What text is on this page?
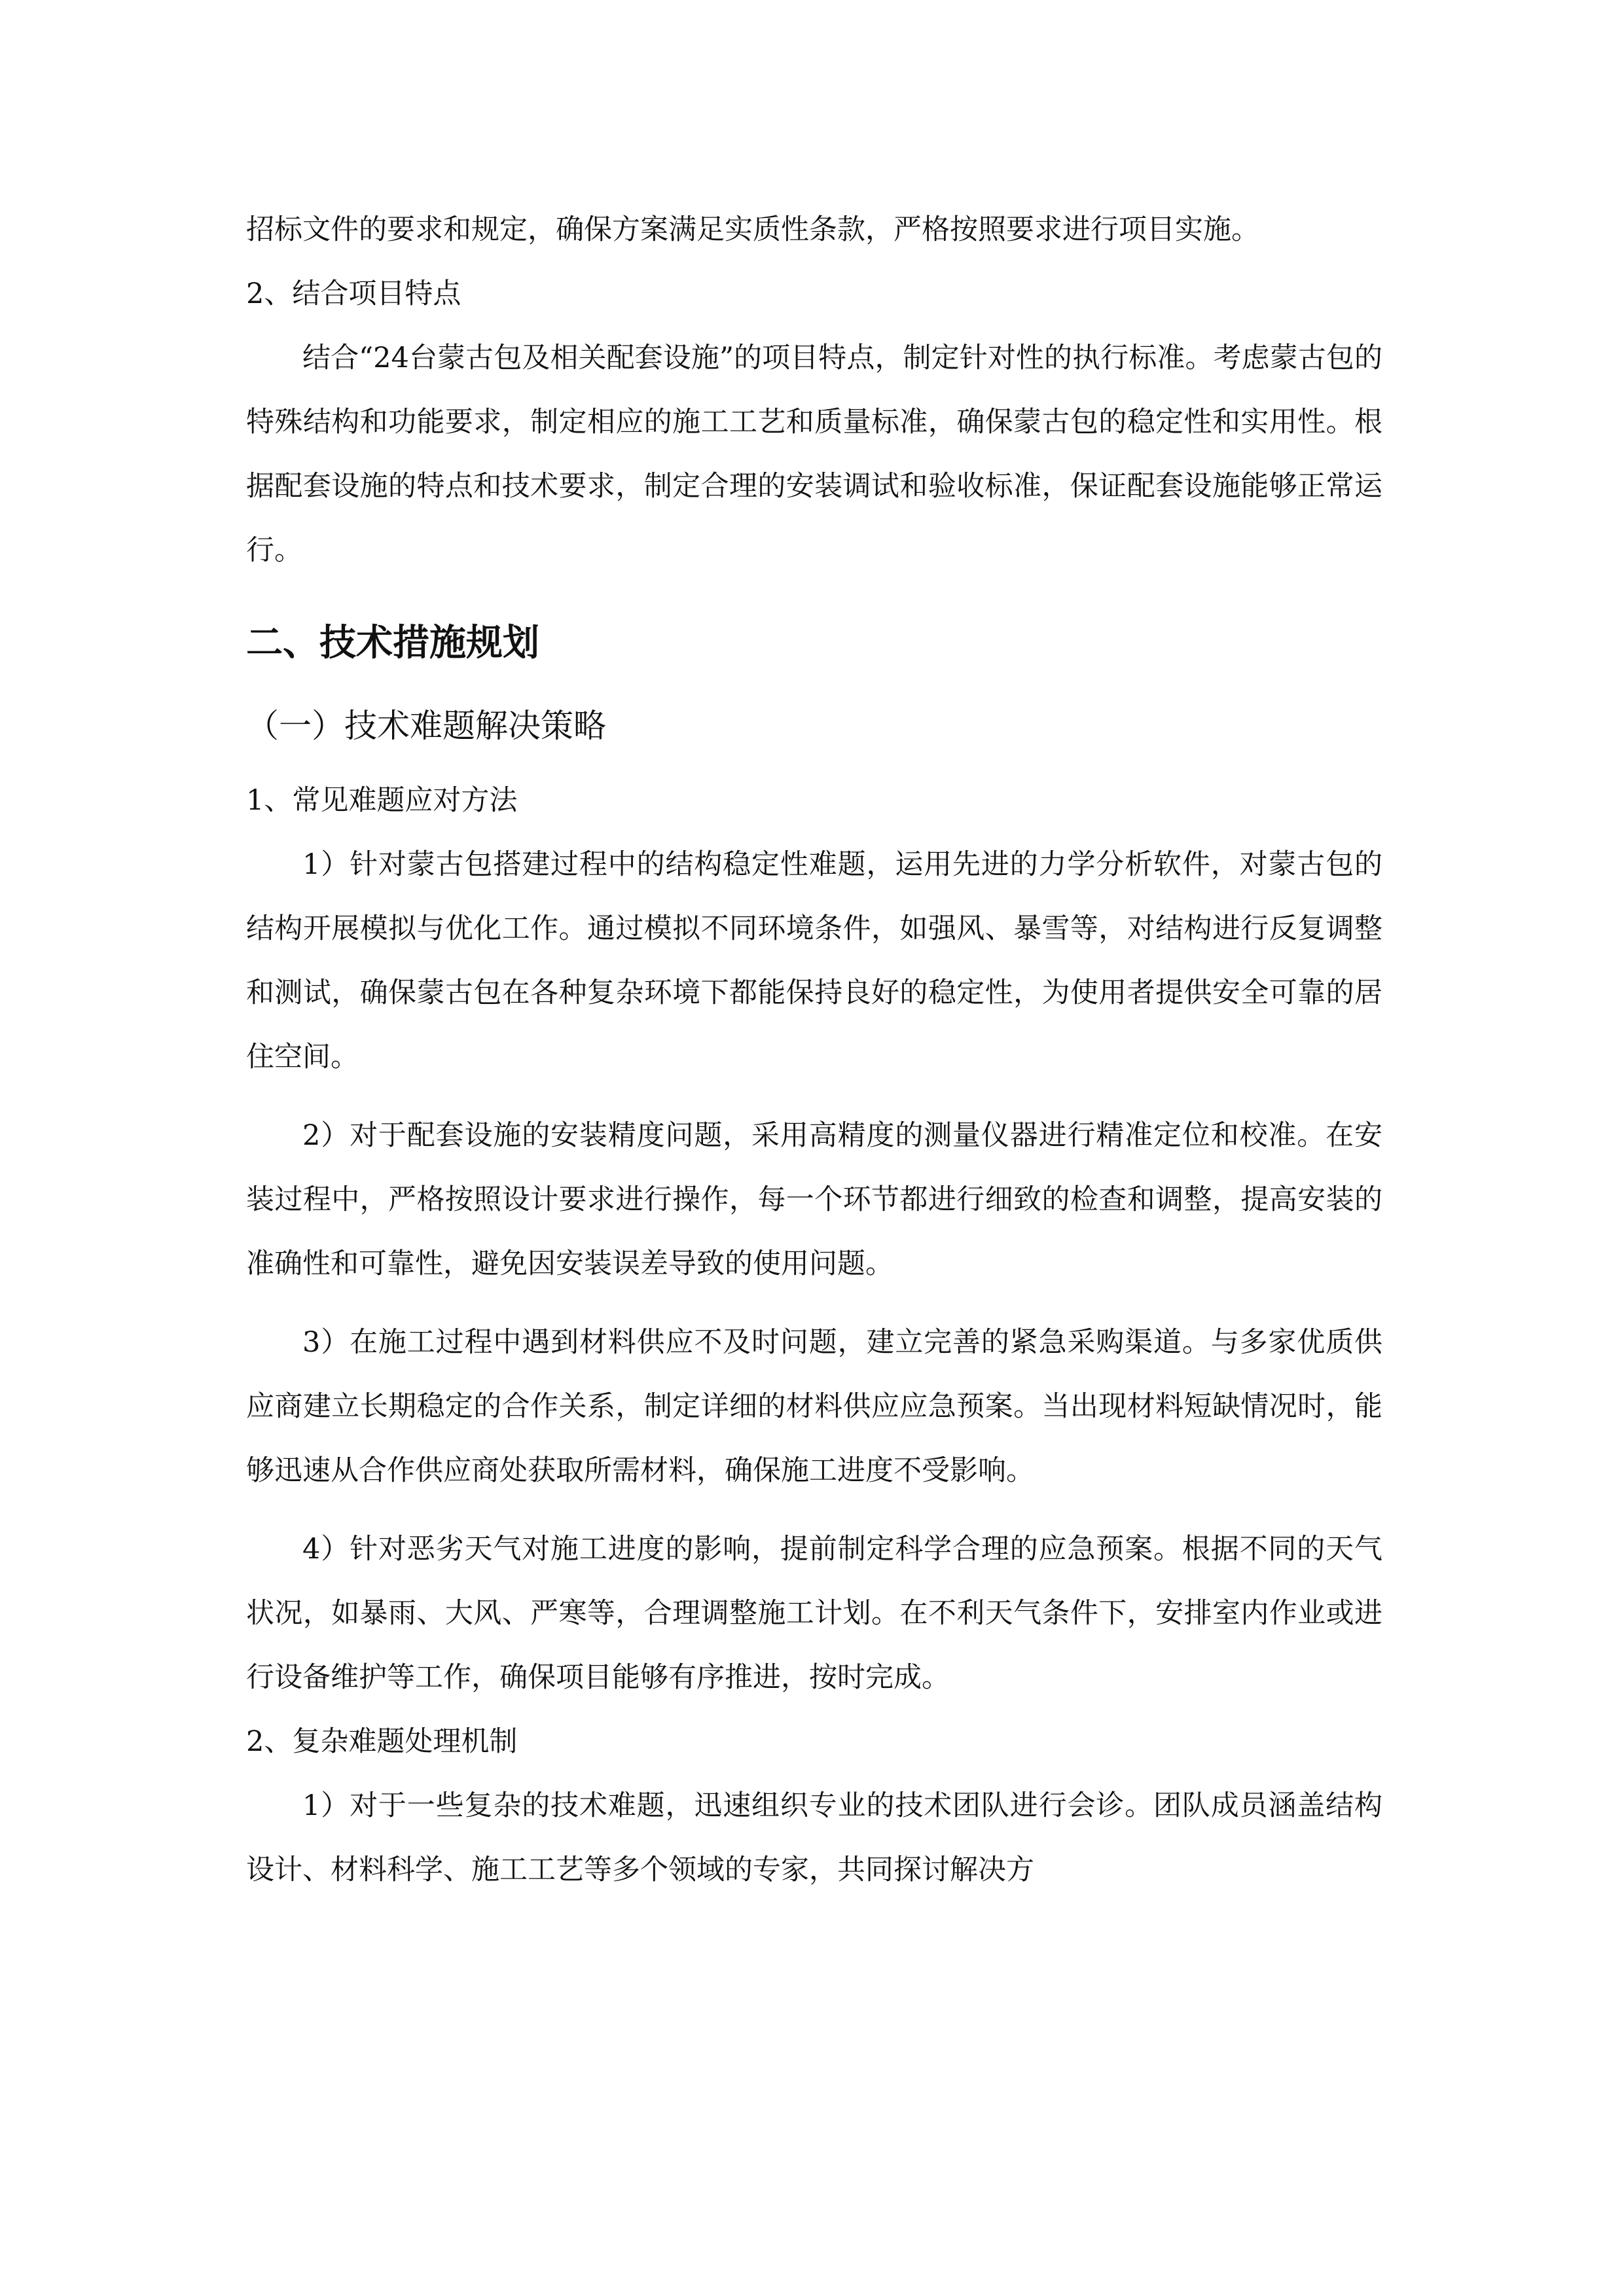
招标文件的要求和规定，确保方案满足实质性条款，严格按照要求进行项目实施。

2、结合项目特点

结合“24台蒙古包及相关配套设施”的项目特点，制定针对性的执行标准。考虑蒙古包的特殊结构和功能要求，制定相应的施工工艺和质量标准，确保蒙古包的稳定性和实用性。根据配套设施的特点和技术要求，制定合理的安装调试和验收标准，保证配套设施能够正常运行。

二、技术措施规划
（一）技术难题解决策略

1、常见难题应对方法

1）针对蒙古包搭建过程中的结构稳定性难题，运用先进的力学分析软件，对蒙古包的结构开展模拟与优化工作。通过模拟不同环境条件，如强风、暴雪等，对结构进行反复调整和测试，确保蒙古包在各种复杂环境下都能保持良好的稳定性，为使用者提供安全可靠的居住空间。

2）对于配套设施的安装精度问题，采用高精度的测量仪器进行精准定位和校准。在安装过程中，严格按照设计要求进行操作，每一个环节都进行细致的检查和调整，提高安装的准确性和可靠性，避免因安装误差导致的使用问题。

3）在施工过程中遇到材料供应不及时问题，建立完善的紧急采购渠道。与多家优质供应商建立长期稳定的合作关系，制定详细的材料供应应急预案。当出现材料短缺情况时，能够迅速从合作供应商处获取所需材料，确保施工进度不受影响。

4）针对恶劣天气对施工进度的影响，提前制定科学合理的应急预案。根据不同的天气状况，如暴雨、大风、严寒等，合理调整施工计划。在不利天气条件下，安排室内作业或进行设备维护等工作，确保项目能够有序推进，按时完成。

2、复杂难题处理机制

1）对于一些复杂的技术难题，迅速组织专业的技术团队进行会诊。团队成员涵盖结构设计、材料科学、施工工艺等多个领域的专家，共同探讨解决方
